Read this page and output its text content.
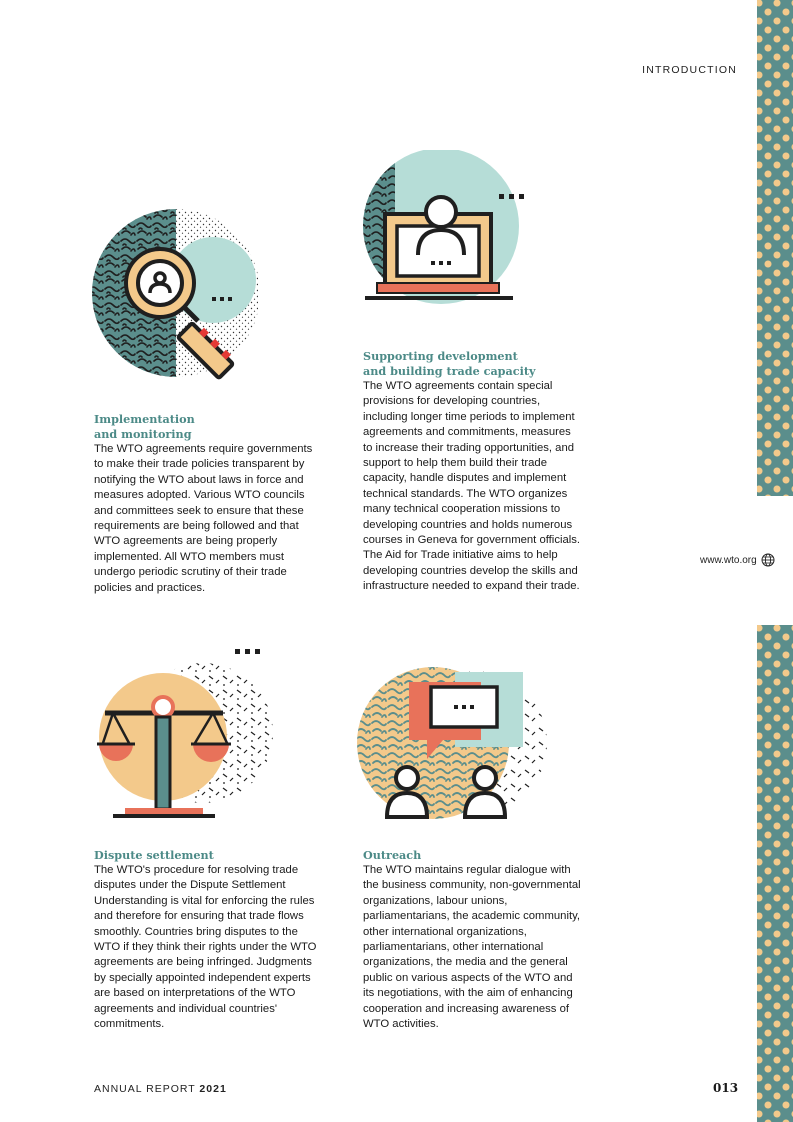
INTRODUCTION
www.wto.org

Implementation
and monitoring

The WTO agreements require governments to make their trade policies transparent by notifying the WTO about laws in force and measures adopted. Various WTO councils and committees seek to ensure that these requirements are being followed and that WTO agreements are being properly implemented. All WTO members must undergo periodic scrutiny of their trade policies and practices.

Supporting development
and building trade capacity

The WTO agreements contain special provisions for developing countries, including longer time periods to implement agreements and commitments, measures to increase their trading opportunities, and support to help them build their trade capacity, handle disputes and implement technical standards. The WTO organizes many technical cooperation missions to developing countries and holds numerous courses in Geneva for government officials. The Aid for Trade initiative aims to help developing countries develop the skills and infrastructure needed to expand their trade.

Dispute settlement

The WTO's procedure for resolving trade disputes under the Dispute Settlement Understanding is vital for enforcing the rules and therefore for ensuring that trade flows smoothly. Countries bring disputes to the WTO if they think their rights under the WTO agreements are being infringed. Judgments by specially appointed independent experts are based on interpretations of the WTO agreements and individual countries' commitments.

Outreach

The WTO maintains regular dialogue with the business community, non-governmental organizations, labour unions, parliamentarians, the academic community, other international organizations, parliamentarians, other international organizations, the media and the general public on various aspects of the WTO and its negotiations, with the aim of enhancing cooperation and increasing awareness of WTO activities.

ANNUAL REPORT 2021	013
